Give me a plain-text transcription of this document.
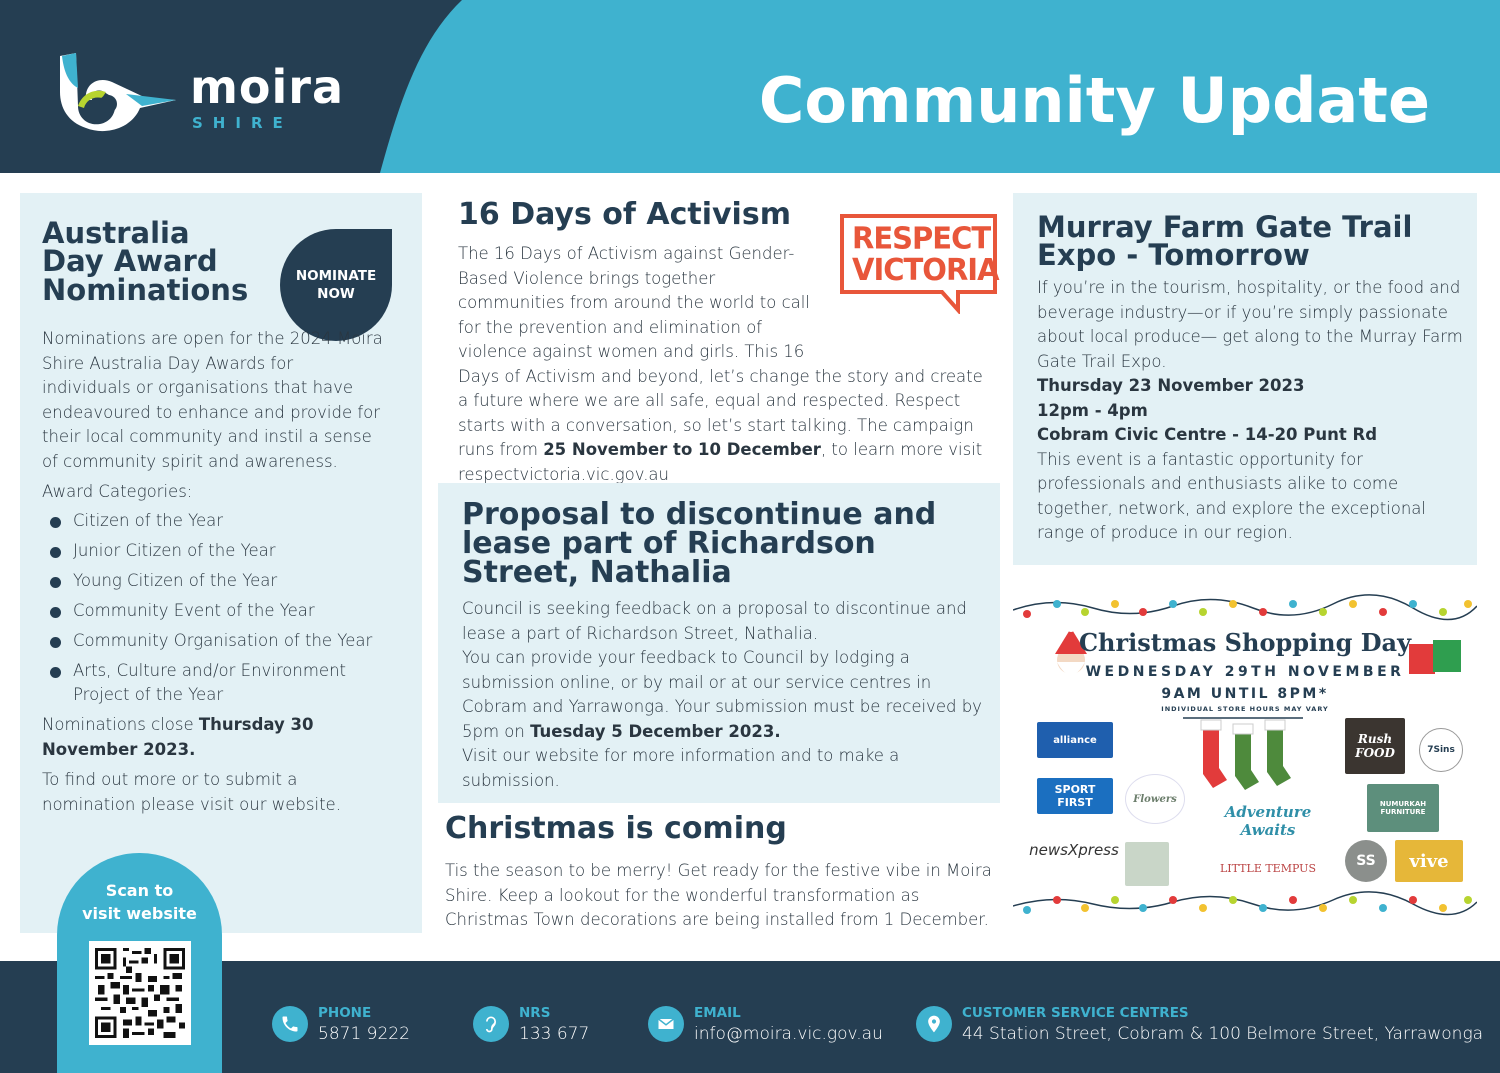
moira
SHIRE	Community Update
Australia
Day Award
Nominations	NOMINATE
NOW

Nominations are open for the 2024 Moira Shire Australia Day Awards for individuals or organisations that have endeavoured to enhance and provide for their local community and instil a sense of community spirit and awareness.

Award Categories:

Citizen of the Year
Junior Citizen of the Year
Young Citizen of the Year
Community Event of the Year
Community Organisation of the Year
Arts, Culture and/or Environment Project of the Year

Nominations close Thursday 30 November 2023.

To find out more or to submit a nomination please visit our website.

16 Days of Activism
RESPECT
VICTORIA
The 16 Days of Activism against Gender-Based Violence brings together communities from around the world to call for the prevention and elimination of violence against women and girls. This 16 Days of Activism and beyond, let’s change the story and create a future where we are all safe, equal and respected. Respect starts with a conversation, so let’s start talking. The campaign runs from 25 November to 10 December, to learn more visit respectvictoria.vic.gov.au
Proposal to discontinue and lease part of Richardson Street, Nathalia

Council is seeking feedback on a proposal to discontinue and lease a part of Richardson Street, Nathalia.

You can provide your feedback to Council by lodging a submission online, or by mail or at our service centres in Cobram and Yarrawonga. Your submission must be received by 5pm on Tuesday 5 December 2023.

Visit our website for more information and to make a submission.

Christmas is coming
Tis the season to be merry! Get ready for the festive vibe in Moira Shire. Keep a lookout for the wonderful transformation as Christmas Town decorations are being installed from 1 December.
Murray Farm Gate Trail
Expo - Tomorrow

If you’re in the tourism, hospitality, or the food and beverage industry—or if you’re simply passionate about local produce— get along to the Murray Farm Gate Trail Expo.

Thursday 23 November 2023

12pm - 4pm

Cobram Civic Centre - 14-20 Punt Rd

This event is a fantastic opportunity for professionals and enthusiasts alike to come together, network, and explore the exceptional range of produce in our region.

Christmas Shopping Day
WEDNESDAY 29TH NOVEMBER
9AM UNTIL 8PM*
INDIVIDUAL STORE HOURS MAY VARY
alliance
SPORT FIRST	Flowers
Rush FOOD	7Sins
Adventure Awaits
NUMURKAH FURNITURE
newsXpress
LITTLE TEMPUS	SS	vive
Scan to
visit website
PHONE
5871 9222
NRS
133 677
EMAIL
info@moira.vic.gov.au
CUSTOMER SERVICE CENTRES
44 Station Street, Cobram & 100 Belmore Street, Yarrawonga
